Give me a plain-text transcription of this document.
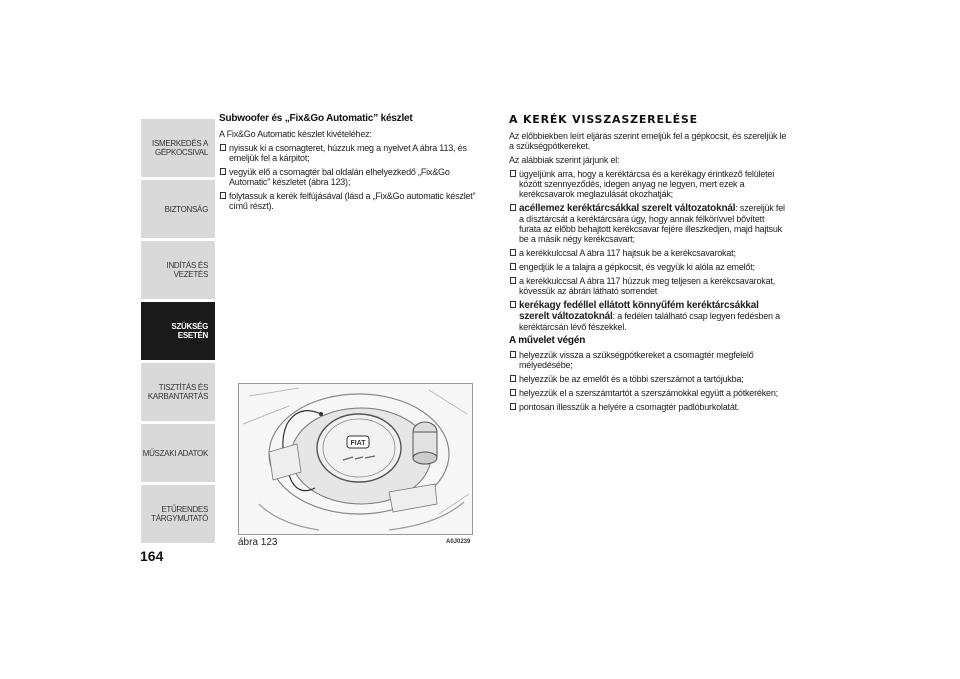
ISMERKEDÉS A
GÉPKOCSIVAL
BIZTONSÁG
INDÍTÁS ÉS VEZETÉS
SZÜKSÉG ESETÉN
TISZTÍTÁS ÉS
KARBANTARTÁS
MŰSZAKI ADATOK
ETŰRENDES
TÁRGYMUTATÓ
164
Subwoofer és „Fix&Go Automatic” készlet

A Fix&Go Automatic készlet kivételéhez:

nyissuk ki a csomagteret, húzzuk meg a nyelvet A ábra 113, és emeljük fel a kárpitot;
vegyük elő a csomagtér bal oldalán elhelyezkedő „Fix&Go Automatic” készletet (ábra 123);
folytassuk a kerék felfújásával (lásd a „Fix&Go automatic készlet” című részt).
FIAT
ábra 123	A0J0239
A KERÉK VISSZASZERELÉSE

Az előbbiekben leírt eljárás szerint emeljük fel a gépkocsit, és szereljük le a szükségpótkereket.

Az alábbiak szerint járjunk el:

ügyeljünk arra, hogy a keréktárcsa és a kerékagy érintkező felületei között szennyeződés, idegen anyag ne legyen, mert ezek a kerékcsavarok meglazulását okozhatják;
acéllemez keréktárcsákkal szerelt változatoknál: szereljük fel a dísztárcsát a keréktárcsára úgy, hogy annak félkörívvel bővített furata az előbb behajtott kerékcsavar fejére illeszkedjen, majd hajtsuk be a másik négy kerékcsavart;
a kerékkulccsal A ábra 117 hajtsuk be a kerékcsavarokat;
engedjük le a talajra a gépkocsit, és vegyük ki alóla az emelőt;
a kerékkulccsal A ábra 117 húzzuk meg teljesen a kerékcsavarokat, kövessük az ábrán látható sorrendet
kerékagy fedéllel ellátott könnyűfém keréktárcsákkal szerelt változatoknál: a fedélen található csap legyen fedésben a keréktárcsán lévő fészekkel.
A művelet végén
helyezzük vissza a szükségpótkereket a csomagtér megfelelő mélyedésébe;
helyezzük be az emelőt és a többi szerszámot a tartójukba;
helyezzük el a szerszámtartót a szerszámokkal együtt a pótkeréken;
pontosan illesszük a helyére a csomagtér padlóburkolatát.
